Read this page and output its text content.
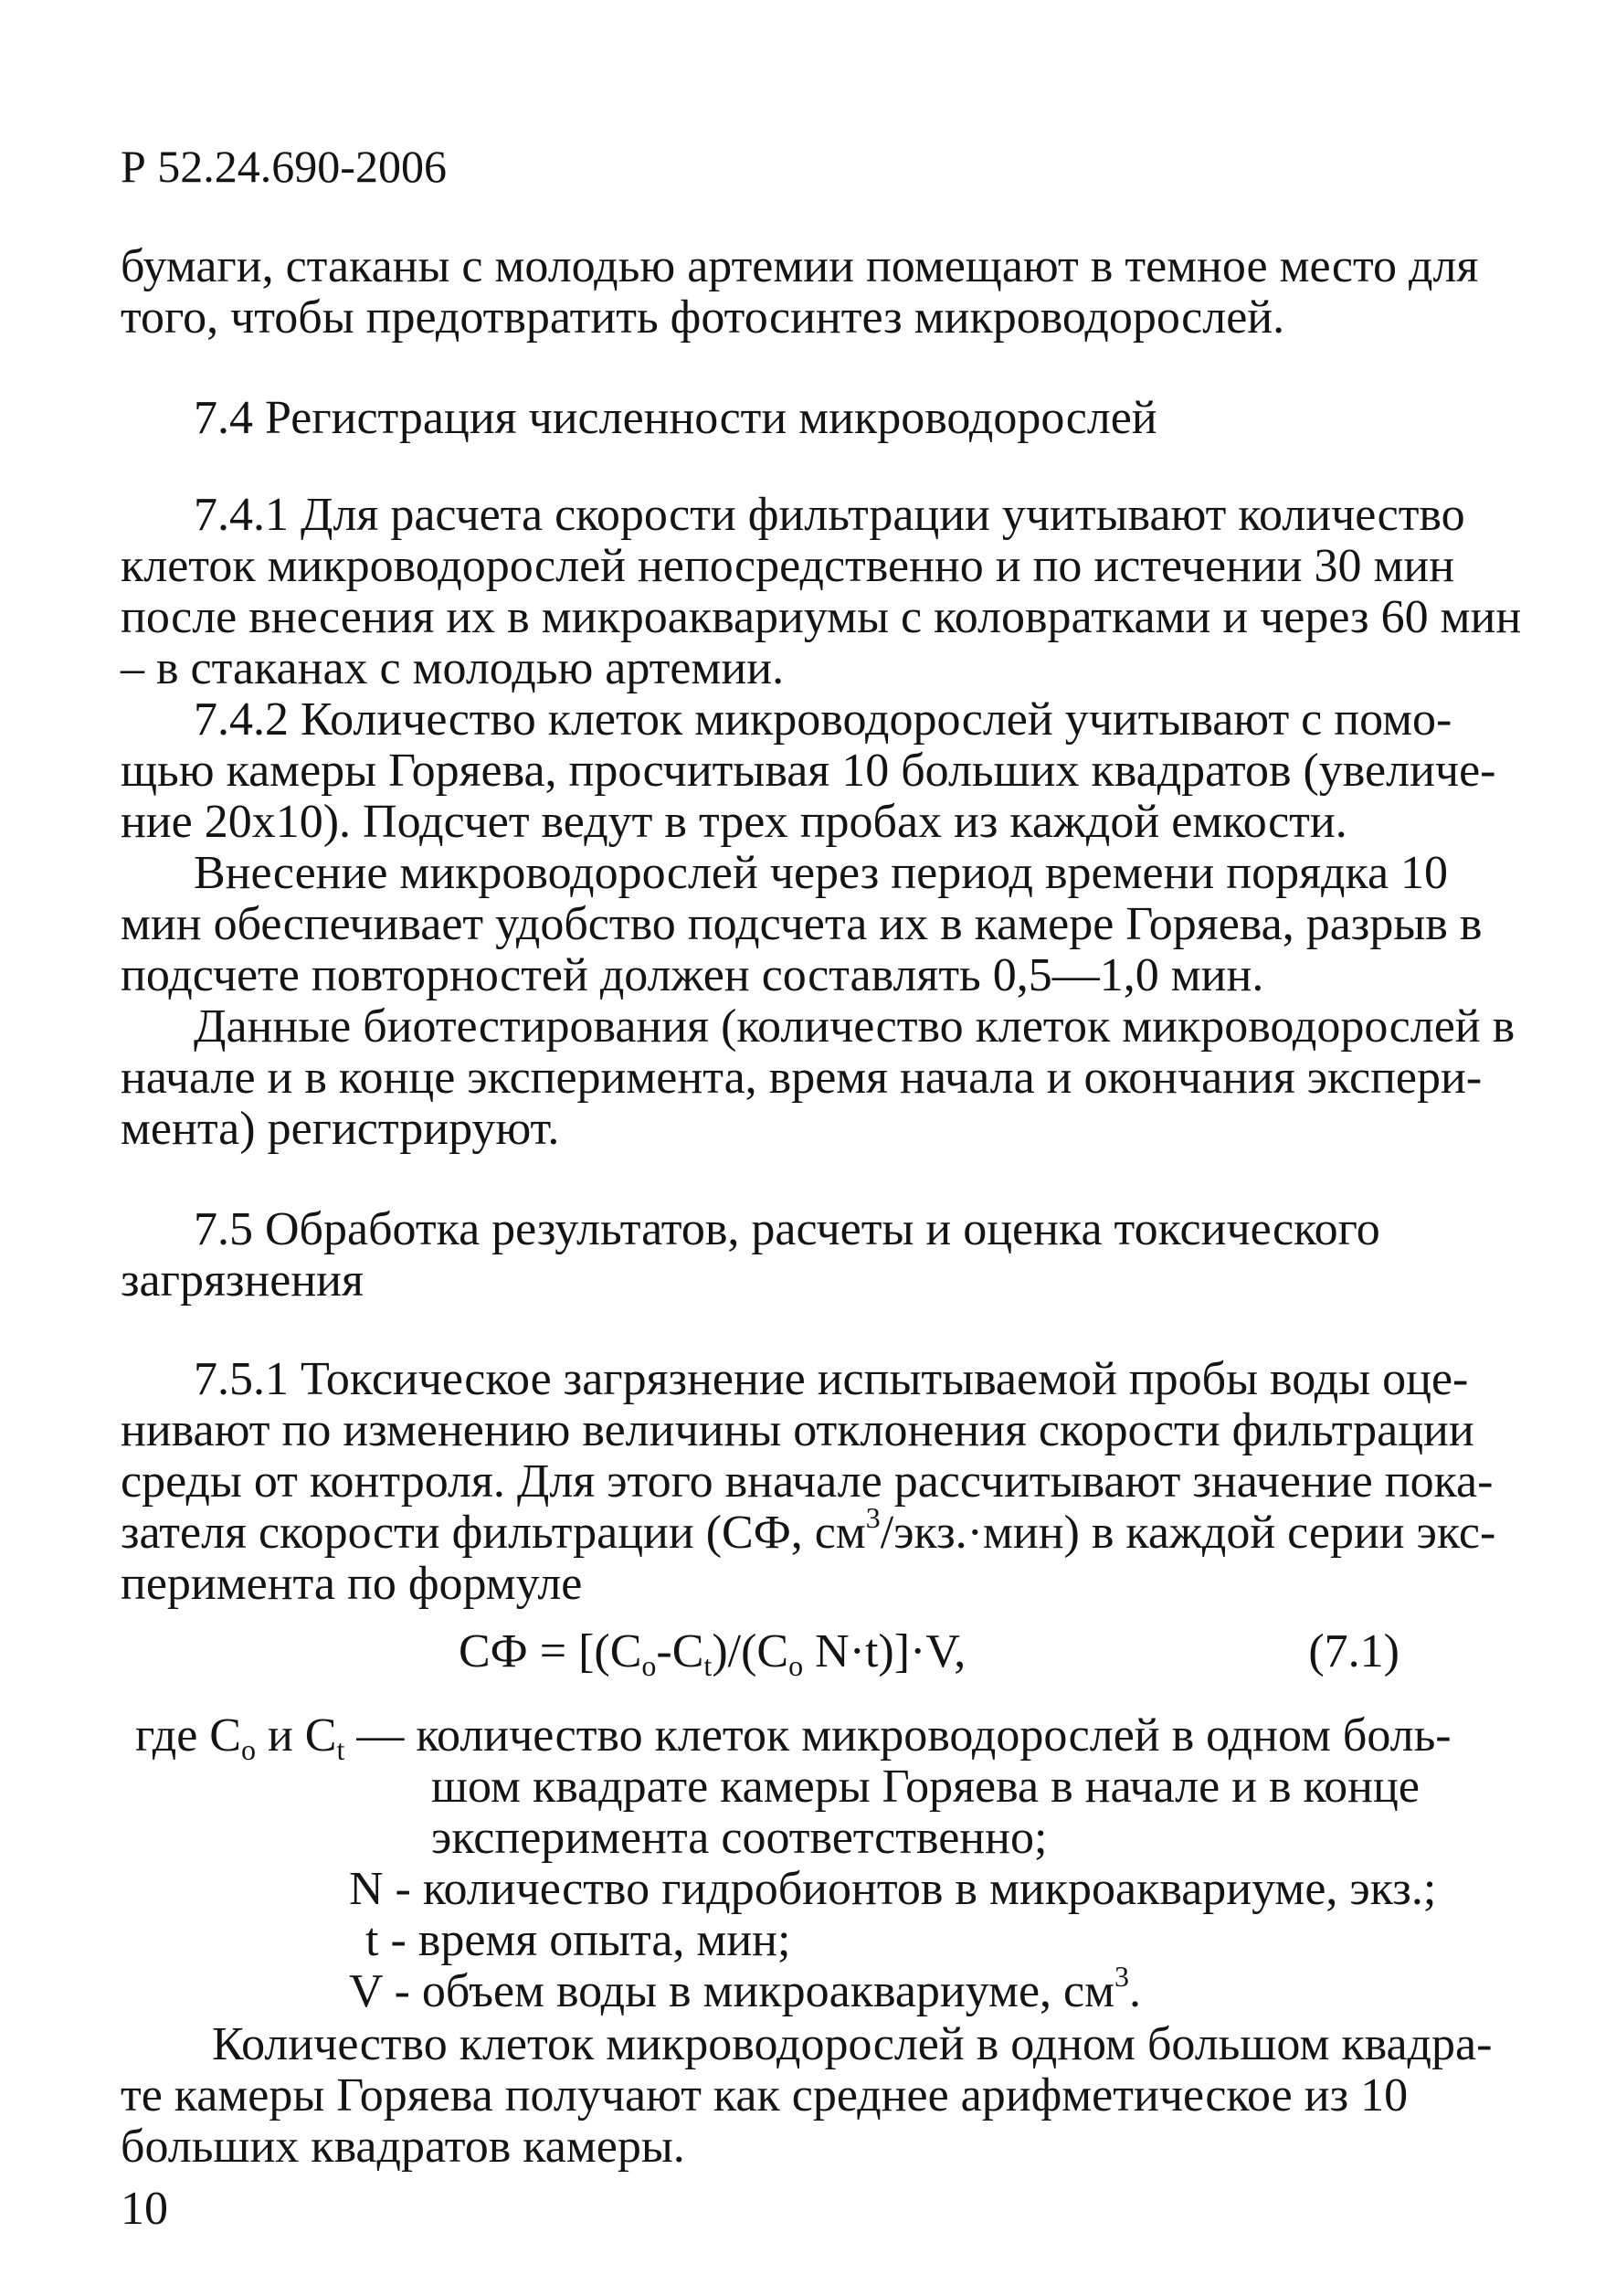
Р 52.24.690-2006
бумаги, стаканы с молодью артемии помещают в темное место для
того, чтобы предотвратить фотосинтез микроводорослей.
7.4 Регистрация численности микроводорослей
7.4.1 Для расчета скорости фильтрации учитывают количество
клеток микроводорослей непосредственно и по истечении 30 мин
после внесения их в микроаквариумы с коловратками и через 60 мин
– в стаканах с молодью артемии.
7.4.2 Количество клеток микроводорослей учитывают с помо-
щью камеры Горяева, просчитывая 10 больших квадратов (увеличе-
ние 20х10). Подсчет ведут в трех пробах из каждой емкости.
Внесение микроводорослей через период времени порядка 10
мин обеспечивает удобство подсчета их в камере Горяева, разрыв в
подсчете повторностей должен составлять 0,5—1,0 мин.
Данные биотестирования (количество клеток микроводорослей в
начале и в конце эксперимента, время начала и окончания экспери-
мента) регистрируют.
7.5 Обработка результатов, расчеты и оценка токсического
загрязнения
7.5.1 Токсическое загрязнение испытываемой пробы воды оце-
нивают по изменению величины отклонения скорости фильтрации
среды от контроля. Для этого вначале рассчитывают значение пока-
зателя скорости фильтрации (СФ, $см^3/экз.\cdot мин$) в каждой серии экс-
перимента по формуле
СФ = [$(C_o-C_t)/(C_o$ N·t)]·V,	(7.1)
где $С_о$ и $С_t$ — количество клеток микроводорослей в одном боль-
шом квадрате камеры Горяева в начале и в конце
эксперимента соответственно;
N - количество гидробионтов в микроаквариуме, экз.;
t - время опыта, мин;
V - объем воды в микроаквариуме, $см^3$.
Количество клеток микроводорослей в одном большом квадра-
те камеры Горяева получают как среднее арифметическое из 10
больших квадратов камеры.
10
